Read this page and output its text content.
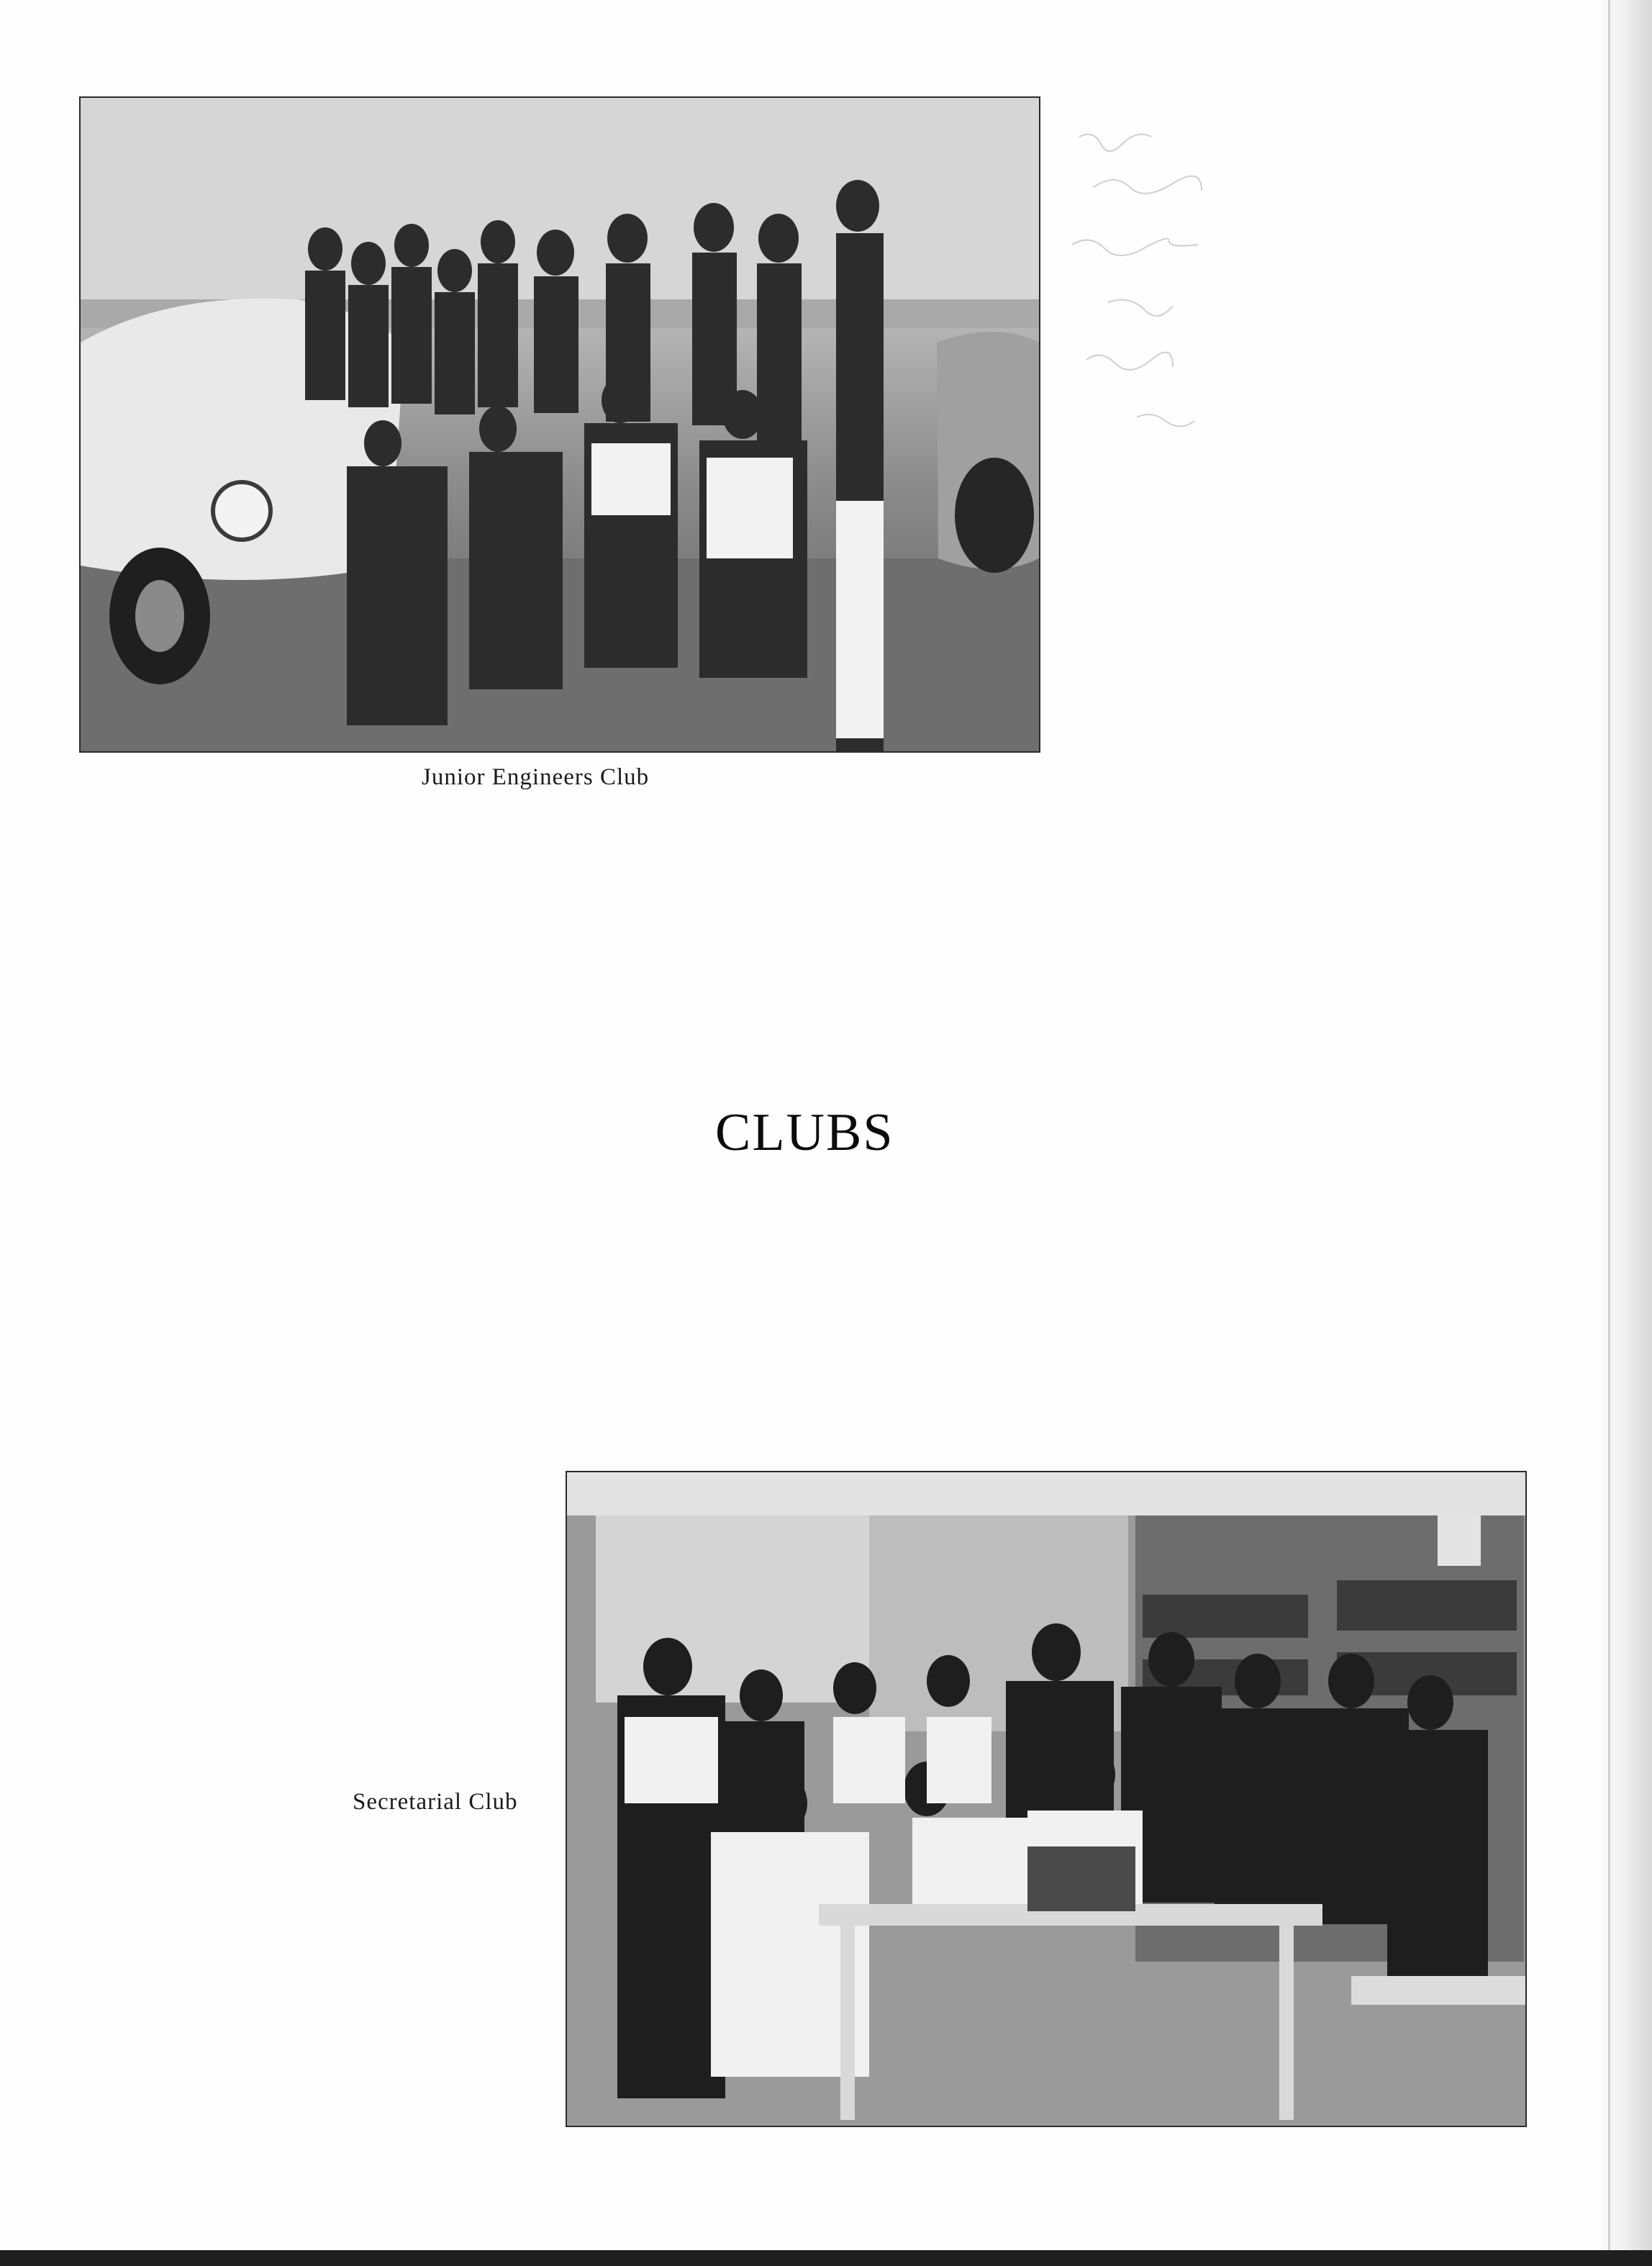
Junior Engineers Club
CLUBS
Secretarial Club
